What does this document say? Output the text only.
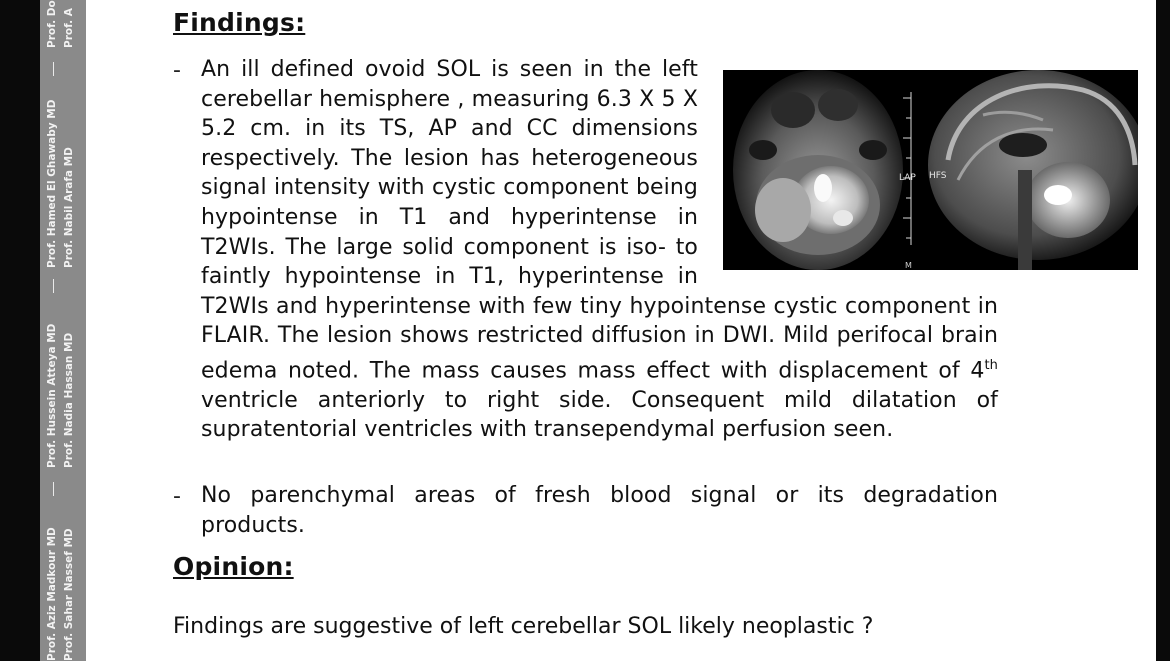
Prof. Aziz Madkour MD Prof. Sahar Nassef MD
Prof. Hussein Atteya MD Prof. Nadia Hassan MD
Prof. Hamed El Ghawaby MD Prof. Nabil Arafa MD
Prof. Do Prof. A	Findings:
- An ill defined ovoid SOL is seen in the left cerebellar hemisphere , measuring 6.3 X 5 X 5.2 cm. in its TS, AP and CC dimensions respectively. The lesion has heterogeneous signal intensity with cystic component being hypointense in T1 and hyperintense in T2WIs. The large solid component is iso- to faintly hypointense in T1, hyperintense in T2WIs and hyperintense with few tiny hypointense cystic component in FLAIR. The lesion shows restricted diffusion in DWI. Mild perifocal brain edema noted. The mass causes mass effect with displacement of 4th ventricle anteriorly to right side. Consequent mild dilatation of supratentorial ventricles with transependymal perfusion seen.

- No parenchymal areas of fresh blood signal or its degradation products.

Opinion:

Findings are suggestive of left cerebellar SOL likely neoplastic ?

LAP
M
HFS
